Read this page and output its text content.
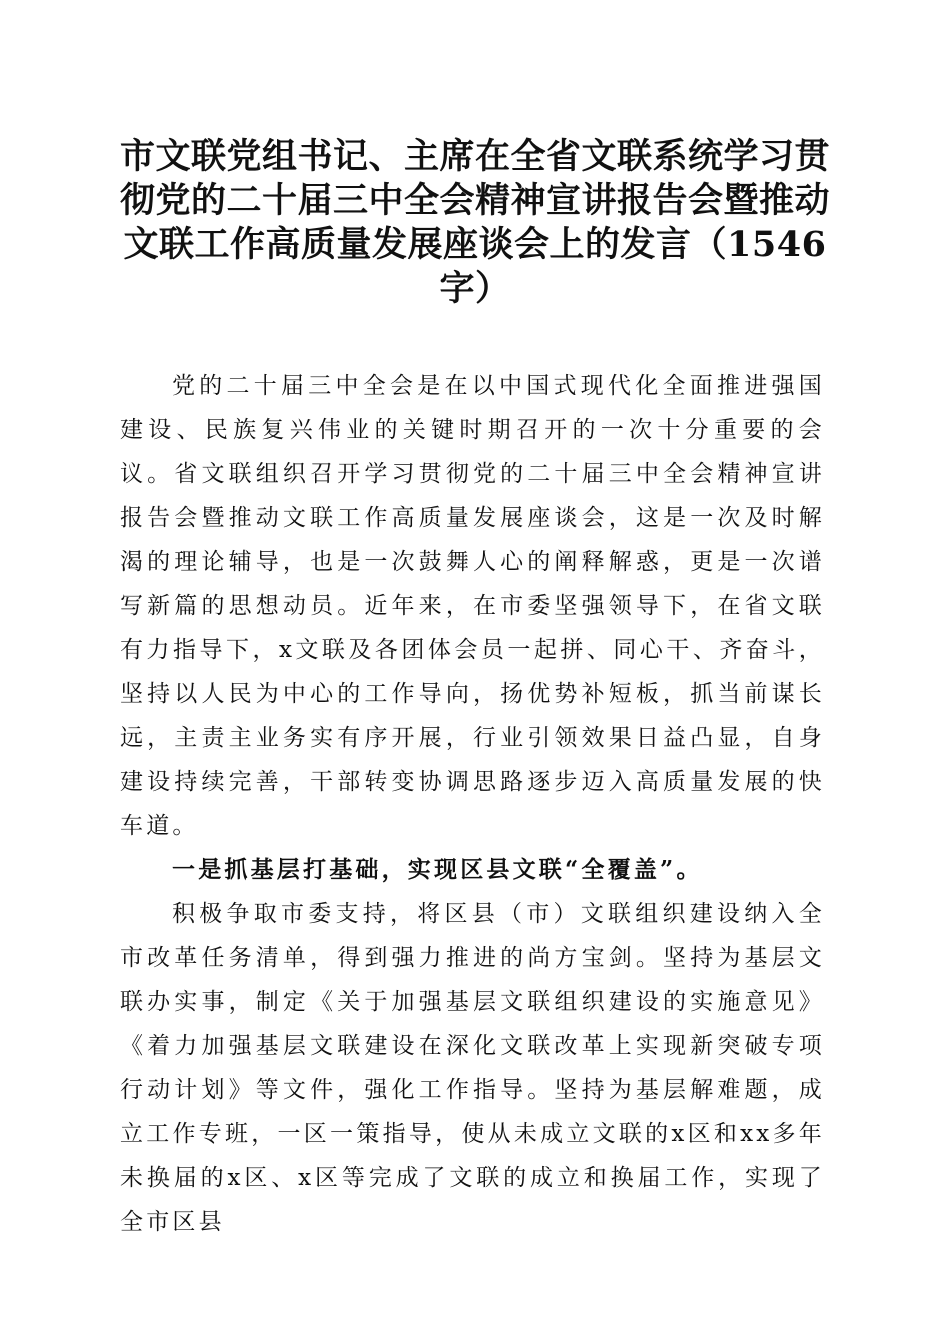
市文联党组书记、主席在全省文联系统学习贯彻党的二十届三中全会精神宣讲报告会暨推动文联工作高质量发展座谈会上的发言（1546字）

党的二十届三中全会是在以中国式现代化全面推进强国建设、民族复兴伟业的关键时期召开的一次十分重要的会议。省文联组织召开学习贯彻党的二十届三中全会精神宣讲报告会暨推动文联工作高质量发展座谈会，这是一次及时解渴的理论辅导，也是一次鼓舞人心的阐释解惑，更是一次谱写新篇的思想动员。近年来，在市委坚强领导下，在省文联有力指导下，x文联及各团体会员一起拼、同心干、齐奋斗，坚持以人民为中心的工作导向，扬优势补短板，抓当前谋长远，主责主业务实有序开展，行业引领效果日益凸显，自身建设持续完善，干部转变协调思路逐步迈入高质量发展的快车道。

一是抓基层打基础，实现区县文联“全覆盖”。

积极争取市委支持，将区县（市）文联组织建设纳入全市改革任务清单，得到强力推进的尚方宝剑。坚持为基层文联办实事，制定《关于加强基层文联组织建设的实施意见》《着力加强基层文联建设在深化文联改革上实现新突破专项行动计划》等文件，强化工作指导。坚持为基层解难题，成立工作专班，一区一策指导，使从未成立文联的x区和xx多年未换届的x区、x区等完成了文联的成立和换届工作，实现了全市区县
